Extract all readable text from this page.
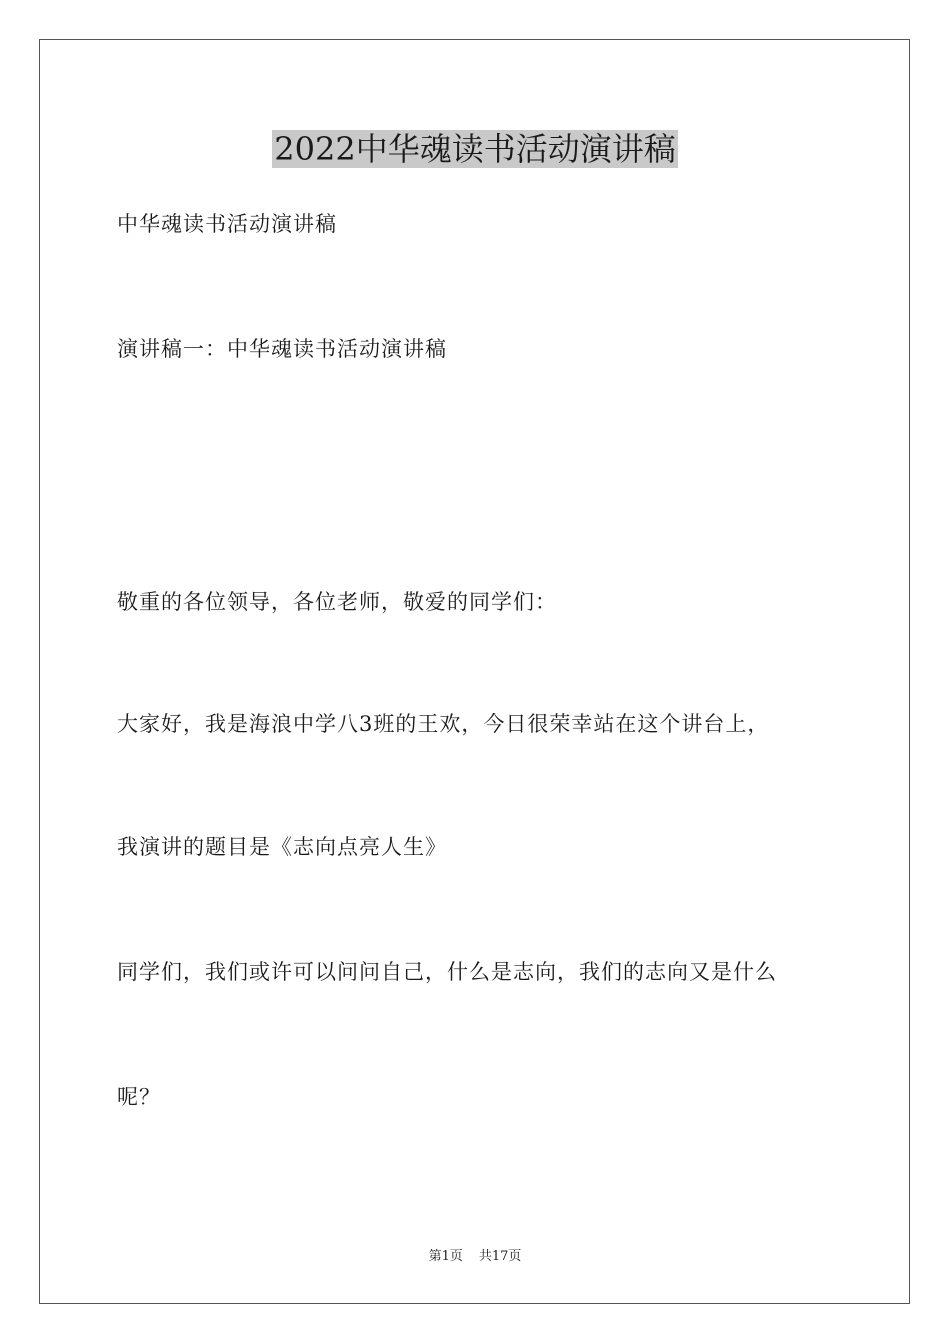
2022中华魂读书活动演讲稿

中华魂读书活动演讲稿

演讲稿一：中华魂读书活动演讲稿

敬重的各位领导，各位老师，敬爱的同学们：

大家好，我是海浪中学八3班的王欢，今日很荣幸站在这个讲台上，

我演讲的题目是《志向点亮人生》

同学们，我们或许可以问问自己，什么是志向，我们的志向又是什么

呢？

第1页 共17页
